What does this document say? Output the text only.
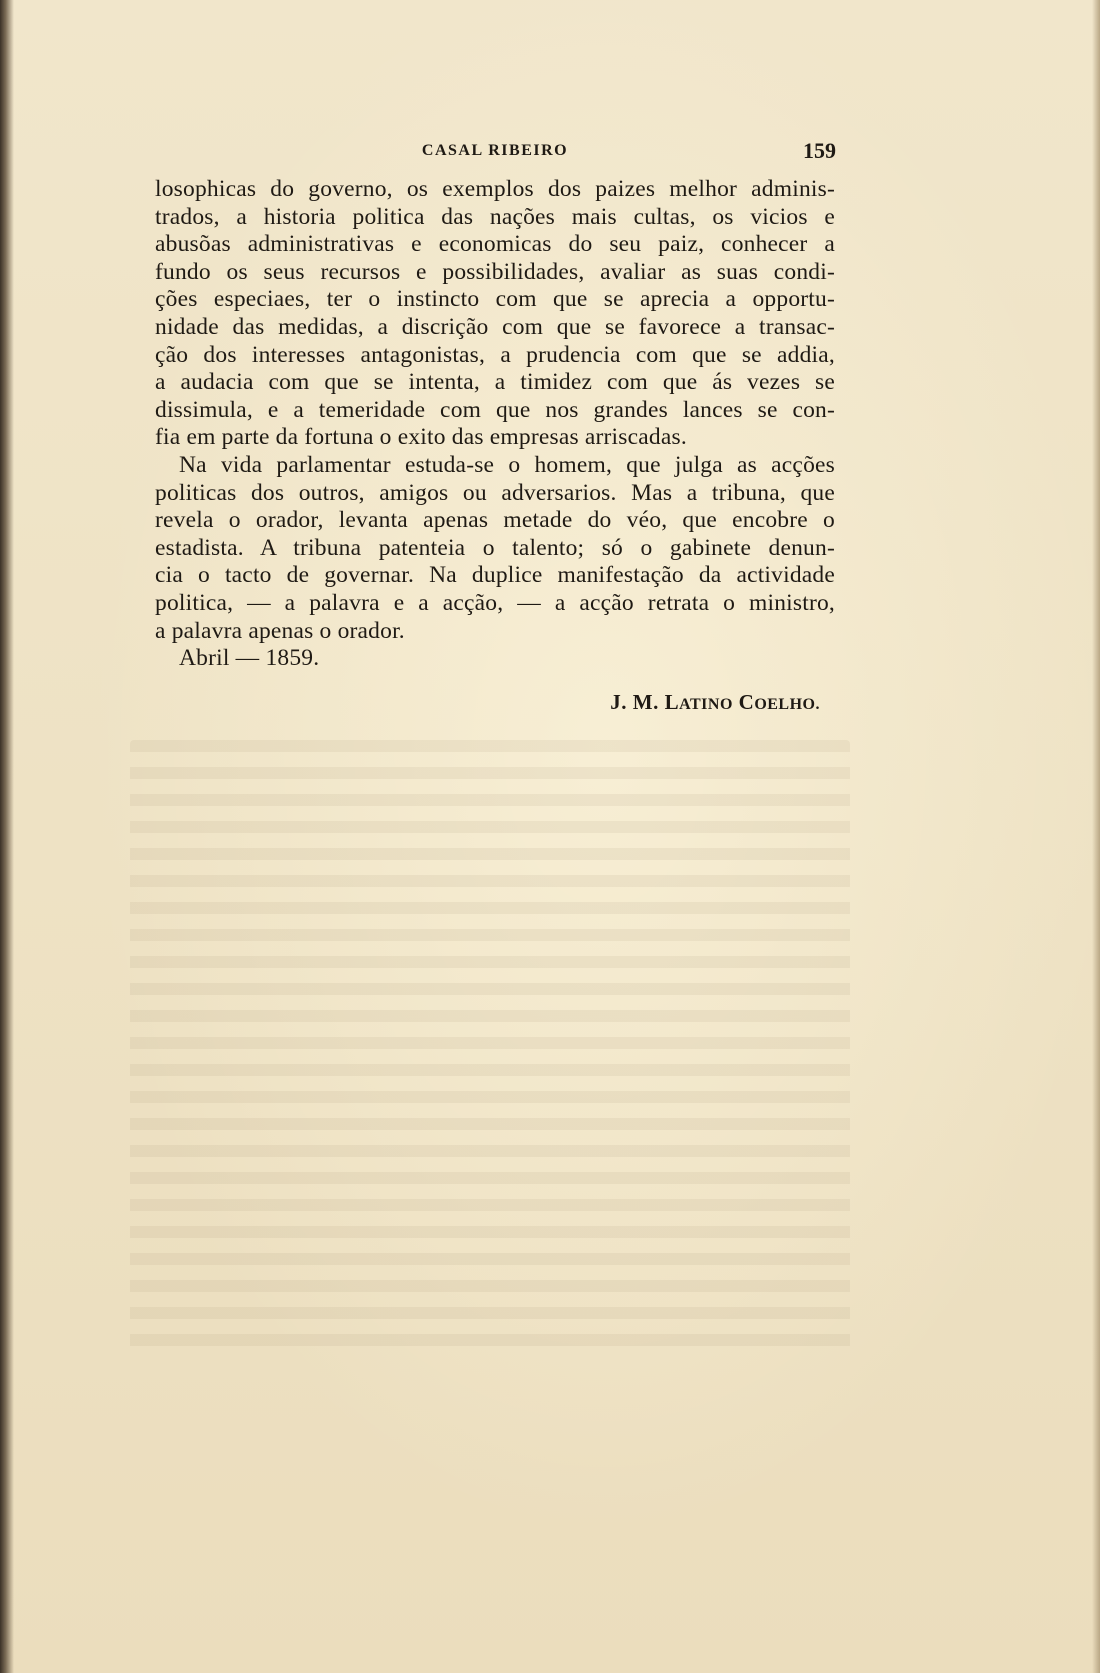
CASAL RIBEIRO	159
losophicas do governo, os exemplos dos paizes melhor adminis-
trados, a historia politica das nações mais cultas, os vicios e
abusõas administrativas e economicas do seu paiz, conhecer a
fundo os seus recursos e possibilidades, avaliar as suas condi-
ções especiaes, ter o instincto com que se aprecia a opportu-
nidade das medidas, a discrição com que se favorece a transac-
ção dos interesses antagonistas, a prudencia com que se addia,
a audacia com que se intenta, a timidez com que ás vezes se
dissimula, e a temeridade com que nos grandes lances se con-
fia em parte da fortuna o exito das empresas arriscadas.
Na vida parlamentar estuda-se o homem, que julga as acções
politicas dos outros, amigos ou adversarios. Mas a tribuna, que
revela o orador, levanta apenas metade do véo, que encobre o
estadista. A tribuna patenteia o talento; só o gabinete denun-
cia o tacto de governar. Na duplice manifestação da actividade
politica, — a palavra e a acção, — a acção retrata o ministro,
a palavra apenas o orador.
Abril — 1859.
J. M. LATINO COELHO.
